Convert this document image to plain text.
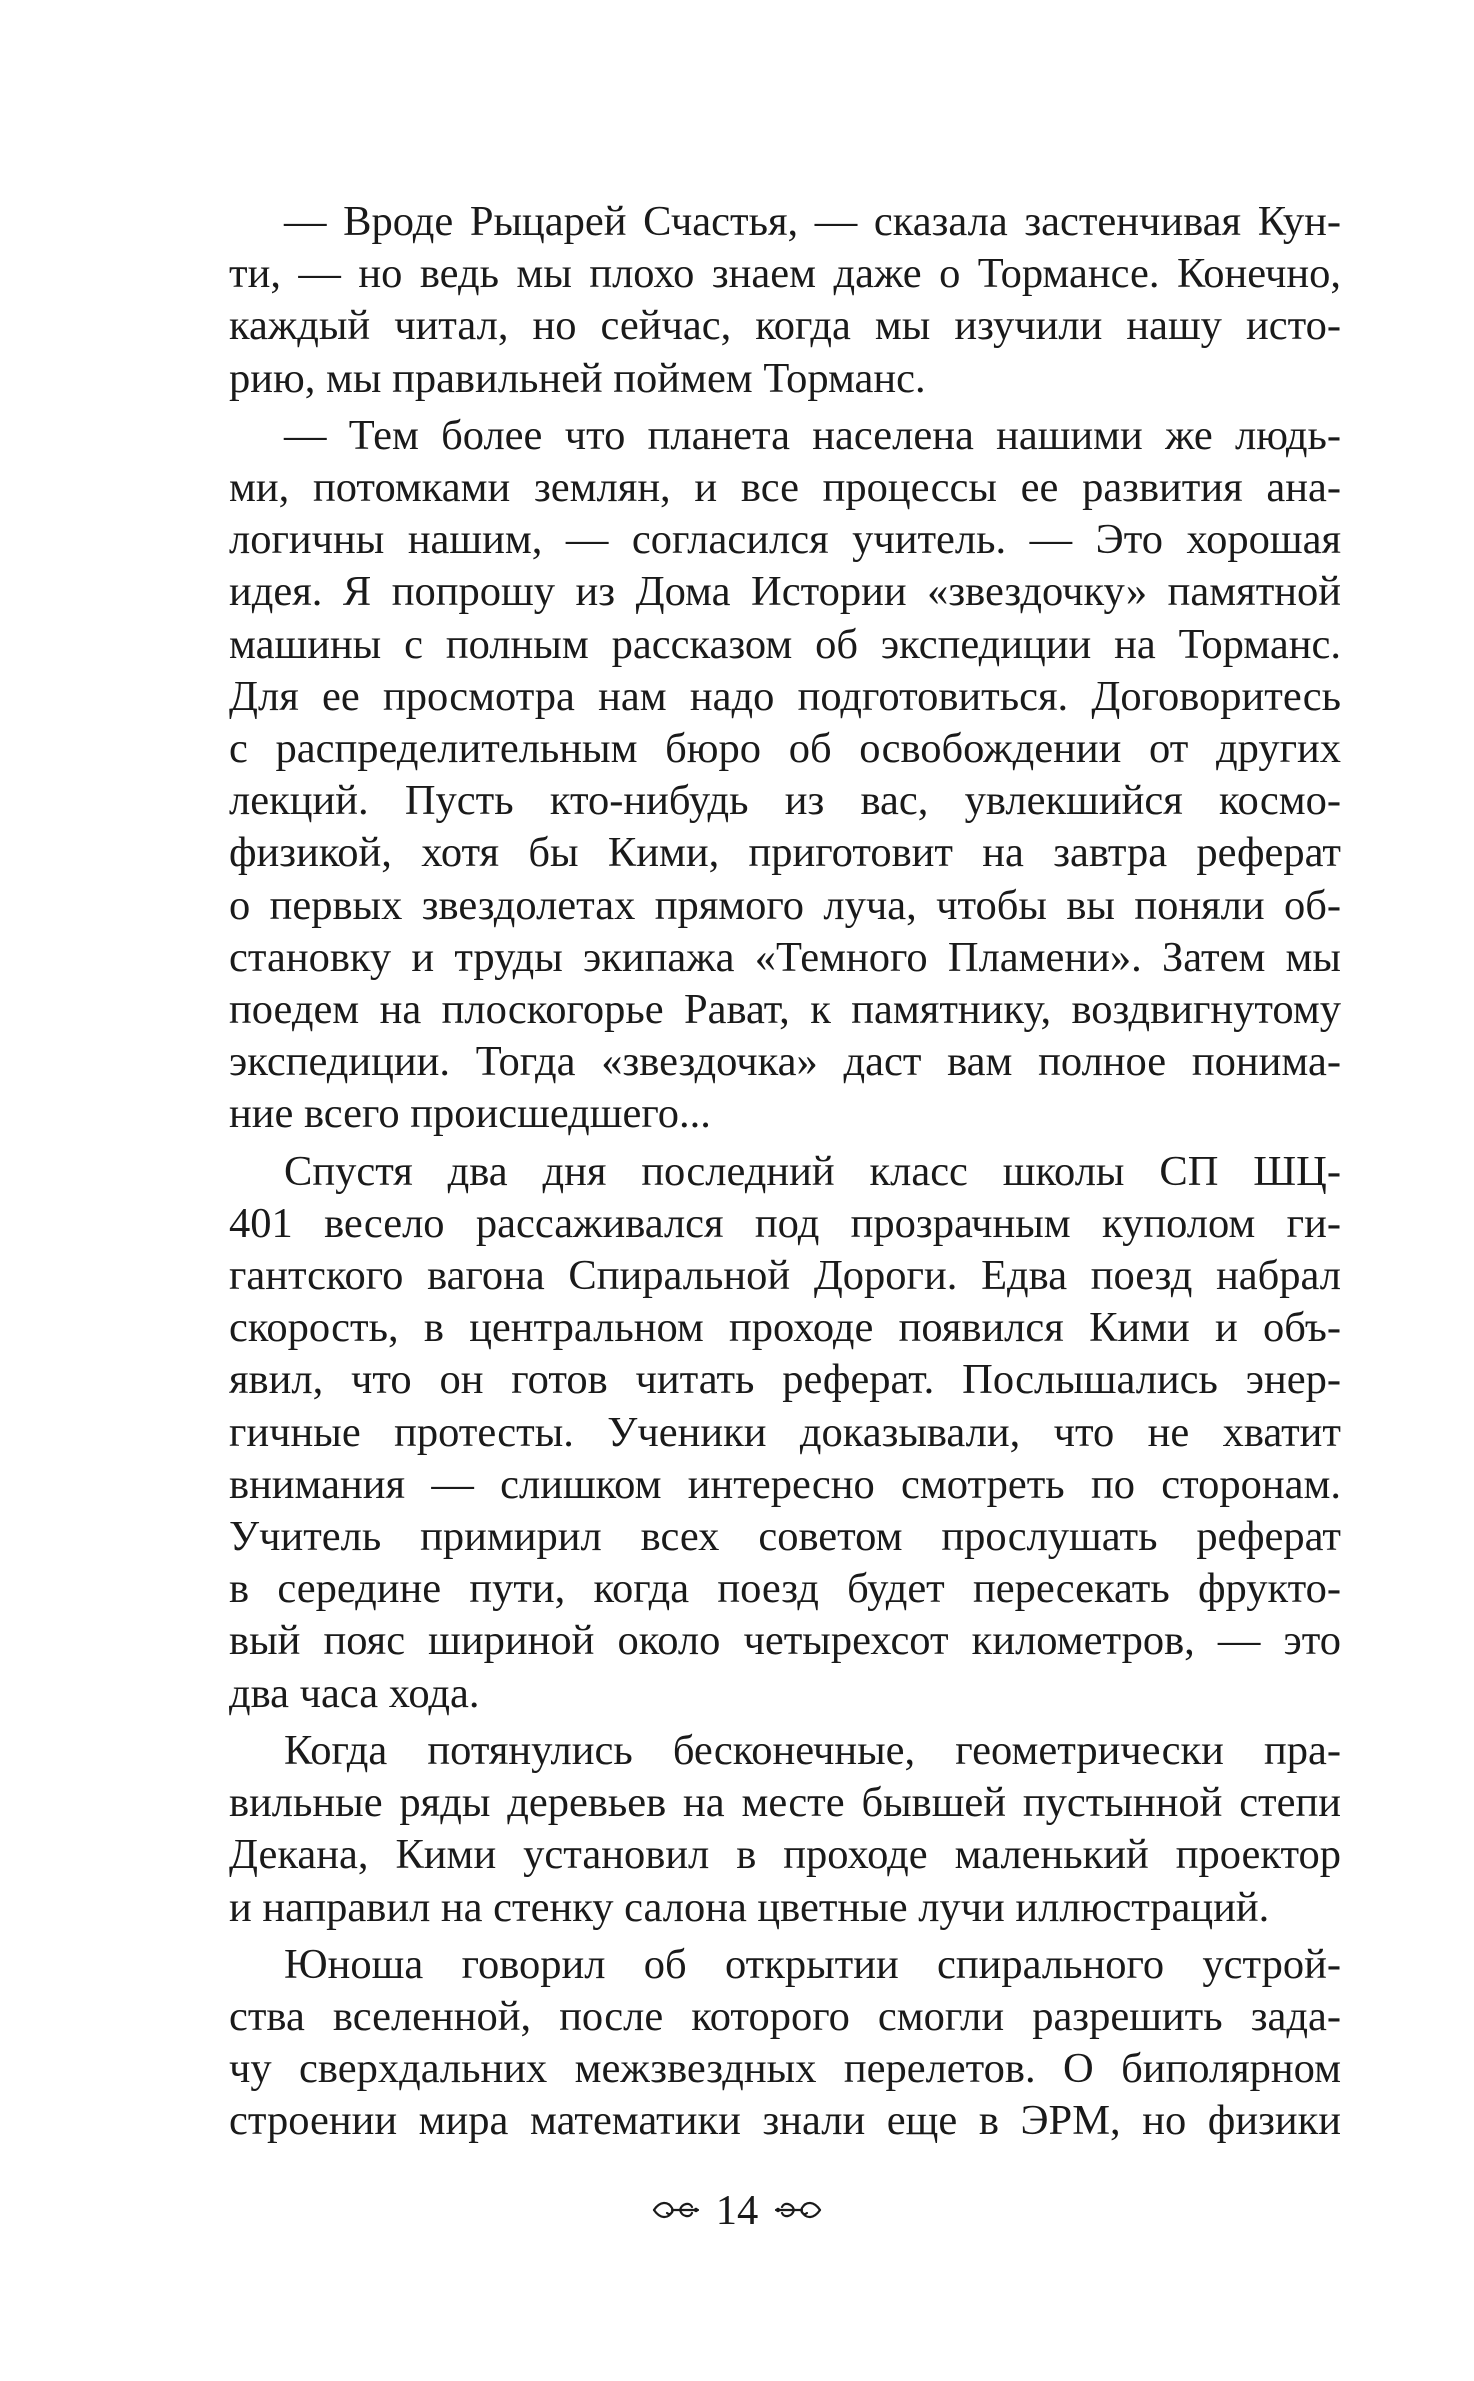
— Вроде Рыцарей Счастья, — сказала застенчивая Кун-
ти, — но ведь мы плохо знаем даже о Тормансе. Конечно,
каждый читал, но сейчас, когда мы изучили нашу исто-
рию, мы правильней поймем Торманс.
— Тем более что планета населена нашими же людь-
ми, потомками землян, и все процессы ее развития ана-
логичны нашим, — согласился учитель. — Это хорошая
идея. Я попрошу из Дома Истории «звездочку» памятной
машины с полным рассказом об экспедиции на Торманс.
Для ее просмотра нам надо подготовиться. Договоритесь
с распределительным бюро об освобождении от других
лекций. Пусть кто-нибудь из вас, увлекшийся космо-
физикой, хотя бы Кими, приготовит на завтра реферат
о первых звездолетах прямого луча, чтобы вы поняли об-
становку и труды экипажа «Темного Пламени». Затем мы
поедем на плоскогорье Рават, к памятнику, воздвигнутому
экспедиции. Тогда «звездочка» даст вам полное понима-
ние всего происшедшего...
Спустя два дня последний класс школы СП ШЦ-
401 весело рассаживался под прозрачным куполом ги-
гантского вагона Спиральной Дороги. Едва поезд набрал
скорость, в центральном проходе появился Кими и объ-
явил, что он готов читать реферат. Послышались энер-
гичные протесты. Ученики доказывали, что не хватит
внимания — слишком интересно смотреть по сторонам.
Учитель примирил всех советом прослушать реферат
в середине пути, когда поезд будет пересекать фрукто-
вый пояс шириной около четырехсот километров, — это
два часа хода.
Когда потянулись бесконечные, геометрически пра-
вильные ряды деревьев на месте бывшей пустынной степи
Декана, Кими установил в проходе маленький проектор
и направил на стенку салона цветные лучи иллюстраций.
Юноша говорил об открытии спирального устрой-
ства вселенной, после которого смогли разрешить зада-
чу сверхдальних межзвездных перелетов. О биполярном
строении мира математики знали еще в ЭРМ, но физики
14
